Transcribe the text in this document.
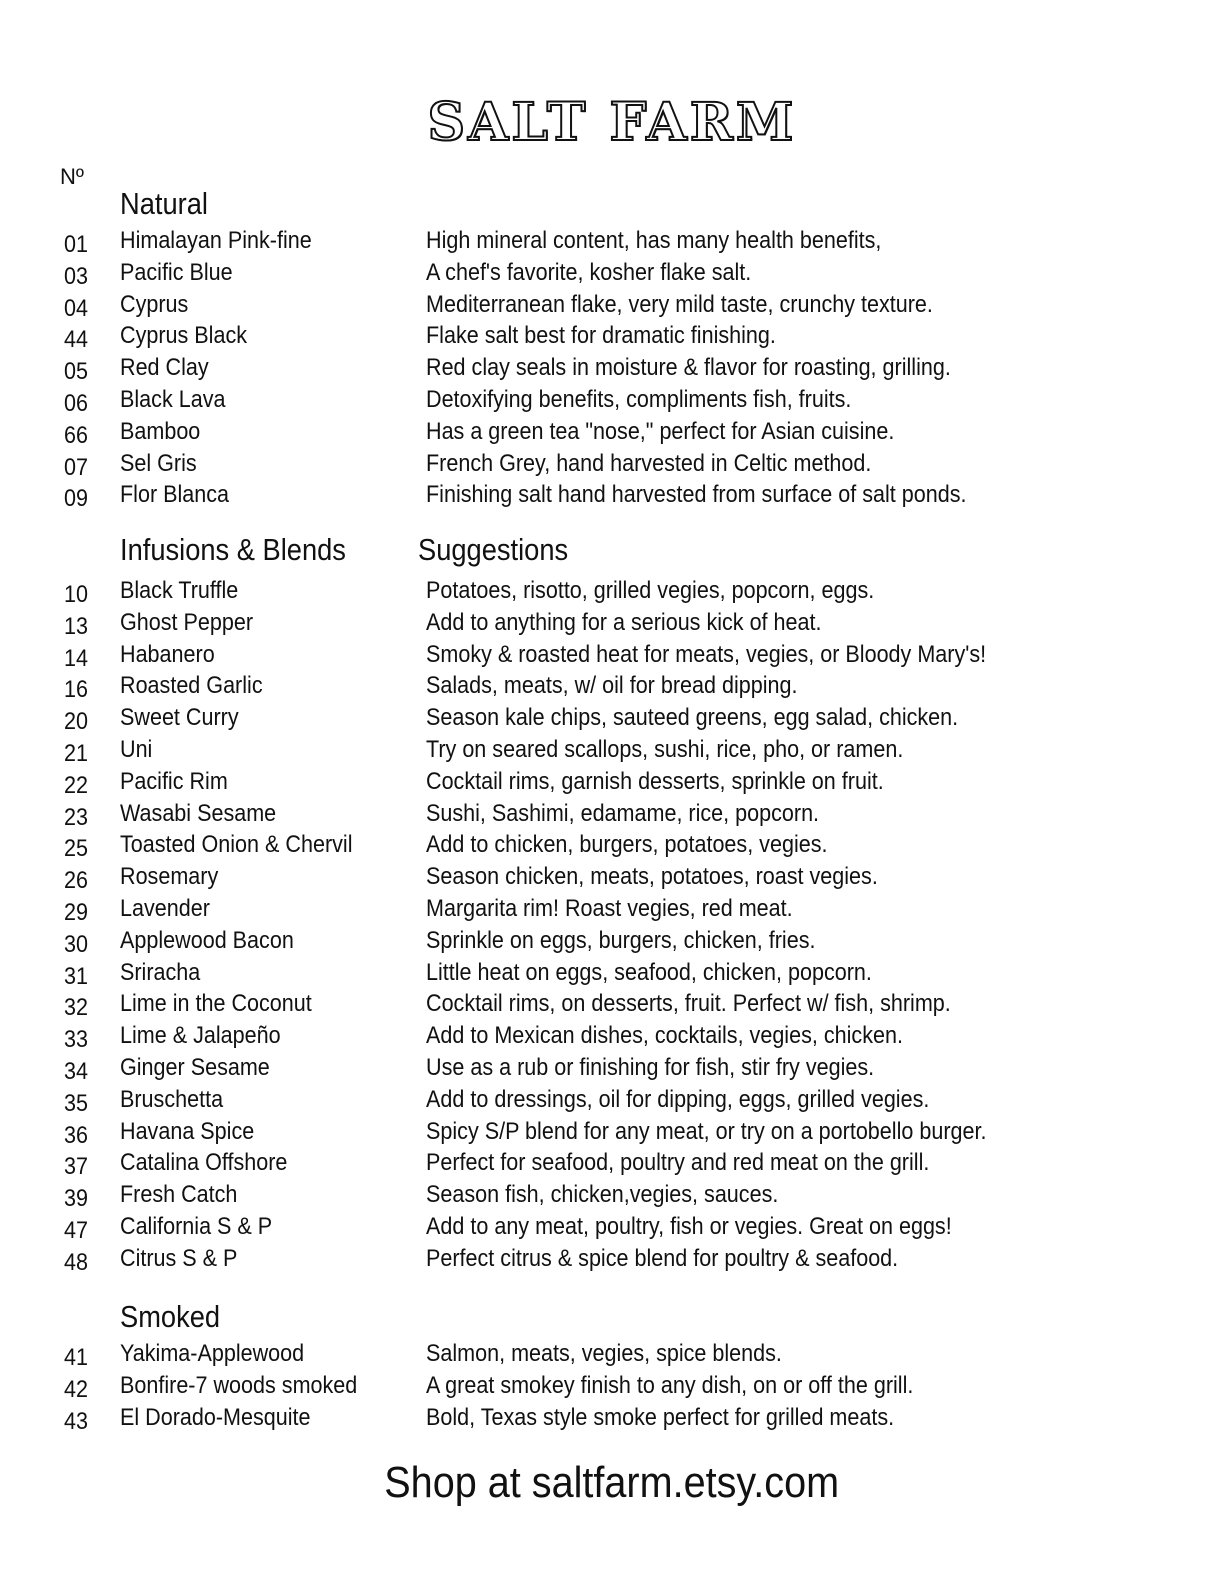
SALT FARM
Nº
Natural
01 Himalayan Pink-fine	High mineral content, has many health benefits,
03 Pacific Blue	A chef's favorite, kosher flake salt.
04 Cyprus	Mediterranean flake, very mild taste, crunchy texture.
44 Cyprus Black	Flake salt best for dramatic finishing.
05 Red Clay	Red clay seals in moisture & flavor for roasting, grilling.
06 Black Lava	Detoxifying benefits, compliments fish, fruits.
66 Bamboo	Has a green tea "nose," perfect for Asian cuisine.
07 Sel Gris	French Grey, hand harvested in Celtic method.
09 Flor Blanca	Finishing salt hand harvested from surface of salt ponds.
Infusions & Blends Suggestions
10 Black Truffle	Potatoes, risotto, grilled vegies, popcorn, eggs.
13 Ghost Pepper	Add to anything for a serious kick of heat.
14 Habanero	Smoky & roasted heat for meats, vegies, or Bloody Mary's!
16 Roasted Garlic	Salads, meats, w/ oil for bread dipping.
20 Sweet Curry	Season kale chips, sauteed greens, egg salad, chicken.
21 Uni	Try on seared scallops, sushi, rice, pho, or ramen.
22 Pacific Rim	Cocktail rims, garnish desserts, sprinkle on fruit.
23 Wasabi Sesame	Sushi, Sashimi, edamame, rice, popcorn.
25 Toasted Onion & Chervil	Add to chicken, burgers, potatoes, vegies.
26 Rosemary	Season chicken, meats, potatoes, roast vegies.
29 Lavender	Margarita rim! Roast vegies, red meat.
30 Applewood Bacon	Sprinkle on eggs, burgers, chicken, fries.
31 Sriracha	Little heat on eggs, seafood, chicken, popcorn.
32 Lime in the Coconut	Cocktail rims, on desserts, fruit. Perfect w/ fish, shrimp.
33 Lime & Jalapeño	Add to Mexican dishes, cocktails, vegies, chicken.
34 Ginger Sesame	Use as a rub or finishing for fish, stir fry vegies.
35 Bruschetta	Add to dressings, oil for dipping, eggs, grilled vegies.
36 Havana Spice	Spicy S/P blend for any meat, or try on a portobello burger.
37 Catalina Offshore	Perfect for seafood, poultry and red meat on the grill.
39 Fresh Catch	Season fish, chicken,vegies, sauces.
47 California S & P	Add to any meat, poultry, fish or vegies. Great on eggs!
48 Citrus S & P	Perfect citrus & spice blend for poultry & seafood.
Smoked
41 Yakima-Applewood	Salmon, meats, vegies, spice blends.
42 Bonfire-7 woods smoked	A great smokey finish to any dish, on or off the grill.
43 El Dorado-Mesquite	Bold, Texas style smoke perfect for grilled meats.
Shop at saltfarm.etsy.com
